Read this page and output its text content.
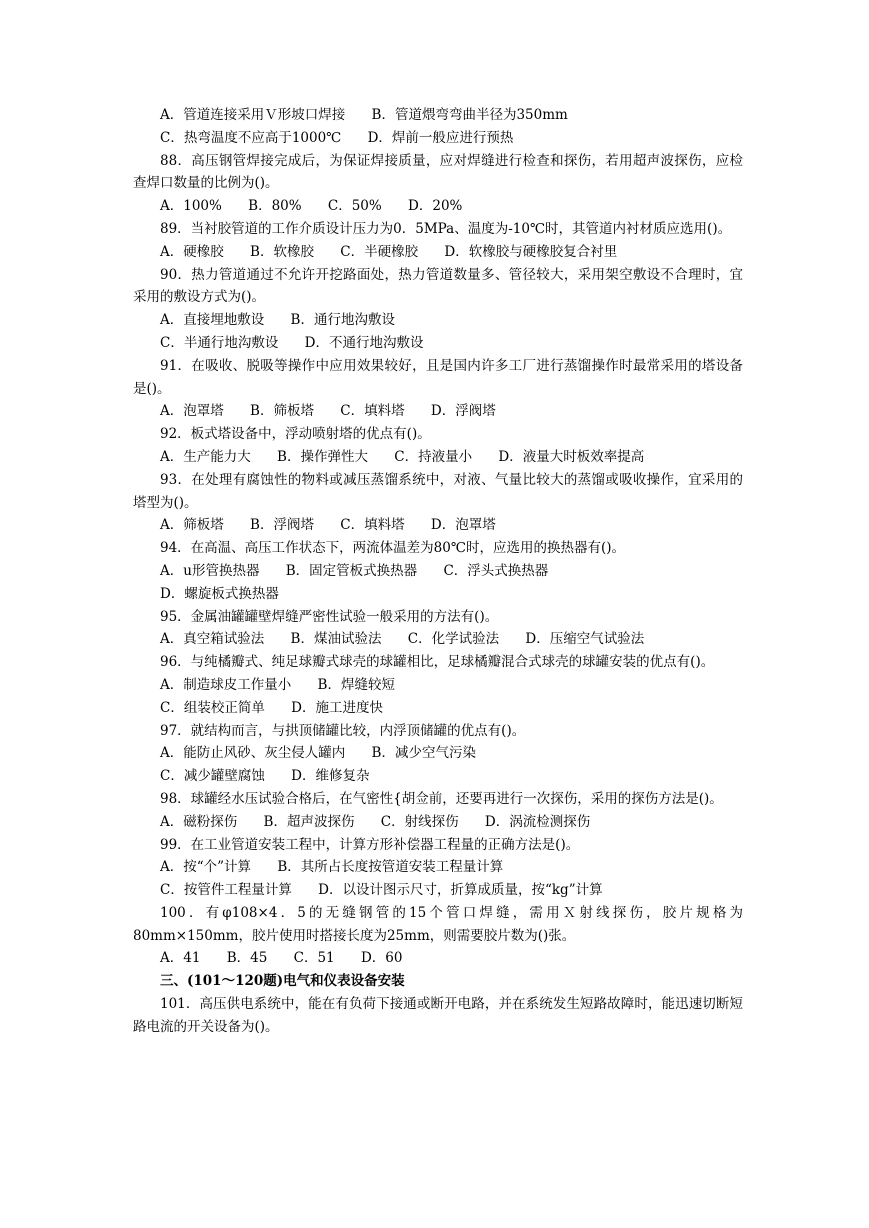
A．管道连接采用Ｖ形坡口焊接 B．管道煨弯弯曲半径为350mm
C．热弯温度不应高于1000℃ D．焊前一般应进行预热

88．高压钢管焊接完成后，为保证焊接质量，应对焊缝进行检查和探伤，若用超声波探伤，应检查焊口数量的比例为()。

A．100% B．80% C．50% D．20%

89．当衬胶管道的工作介质设计压力为0．5MPa、温度为-10℃时，其管道内衬材质应选用()。

A．硬橡胶 B．软橡胶 C．半硬橡胶 D．软橡胶与硬橡胶复合衬里

90．热力管道通过不允许开挖路面处，热力管道数量多、管径较大，采用架空敷设不合理时，宜采用的敷设方式为()。

A．直接埋地敷设 B．通行地沟敷设
C．半通行地沟敷设 D．不通行地沟敷设

91．在吸收、脱吸等操作中应用效果较好，且是国内许多工厂进行蒸馏操作时最常采用的塔设备是()。

A．泡罩塔 B．筛板塔 C．填料塔 D．浮阀塔

92．板式塔设备中，浮动喷射塔的优点有()。

A．生产能力大 B．操作弹性大 C．持液量小 D．液量大时板效率提高

93．在处理有腐蚀性的物料或减压蒸馏系统中，对液、气量比较大的蒸馏或吸收操作，宜采用的塔型为()。

A．筛板塔 B．浮阀塔 C．填料塔 D．泡罩塔

94．在高温、高压工作状态下，两流体温差为80℃时，应选用的换热器有()。

A．u形管换热器 B．固定管板式换热器 C．浮头式换热器
D．螺旋板式换热器

95．金属油罐罐壁焊缝严密性试验一般采用的方法有()。

A．真空箱试验法 B．煤油试验法 C．化学试验法 D．压缩空气试验法

96．与纯橘瓣式、纯足球瓣式球壳的球罐相比，足球橘瓣混合式球壳的球罐安装的优点有()。

A．制造球皮工作量小 B．焊缝较短
C．组装校正简单 D．施工进度快

97．就结构而言，与拱顶储罐比较，内浮顶储罐的优点有()。

A．能防止风砂、灰尘侵人罐内 B．减少空气污染
C．减少罐壁腐蚀 D．维修复杂

98．球罐经水压试验合格后，在气密性{胡佥前，还要再进行一次探伤，采用的探伤方法是()。

A．磁粉探伤 B．超声波探伤 C．射线探伤 D．涡流检测探伤

99．在工业管道安装工程中，计算方形补偿器工程量的正确方法是()。

A．按“个”计算 B．其所占长度按管道安装工程量计算
C．按管件工程量计算 D．以设计图示尺寸，折算成质量，按“kg”计算

100．有φ108×4．5的无缝钢管的15个管口焊缝，需用Ｘ射线探伤，胶片规格为80mm×150mm，胶片使用时搭接长度为25mm，则需要胶片数为()张。

A．41 B．45 C．51 D．60
三、(101～120题)电气和仪表设备安装

101．高压供电系统中，能在有负荷下接通或断开电路，并在系统发生短路故障时，能迅速切断短路电流的开关设备为()。
